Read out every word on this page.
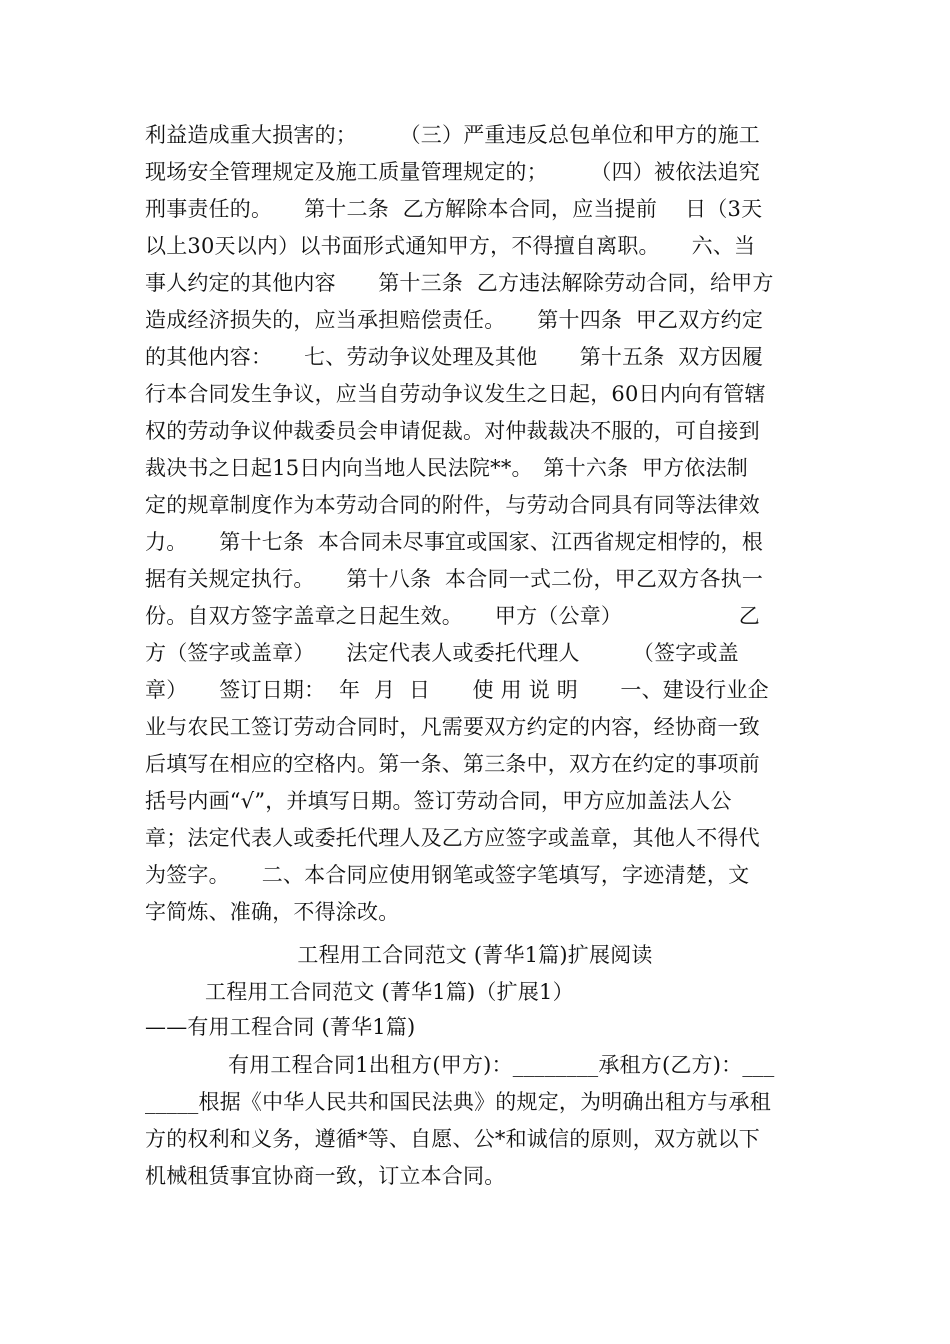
利益造成重大损害的；　　　（三）严重违反总包单位和甲方的施工
现场安全管理规定及施工质量管理规定的；　　　（四）被依法追究
刑事责任的。　　第十二条  乙方解除本合同，应当提前　 日（3天
以上30天以内）以书面形式通知甲方，不得擅自离职。　　六、当
事人约定的其他内容　　第十三条  乙方违法解除劳动合同，给甲方
造成经济损失的，应当承担赔偿责任。　　第十四条  甲乙双方约定
的其他内容：　　七、劳动争议处理及其他　　第十五条  双方因履
行本合同发生争议，应当自劳动争议发生之日起，60日内向有管辖
权的劳动争议仲裁委员会申请促裁。对仲裁裁决不服的，可自接到
裁决书之日起15日内向当地人民法院**。　第十六条  甲方依法制
定的规章制度作为本劳动合同的附件，与劳动合同具有同等法律效
力。　　第十七条  本合同未尽事宜或国家、江西省规定相悖的，根
据有关规定执行。　　第十八条  本合同一式二份，甲乙双方各执一
份。自双方签字盖章之日起生效。　　甲方（公章）　　　　　　乙
方（签字或盖章）　　法定代表人或委托代理人　　　（签字或盖
章）　　签订日期：  年  月  日　　使 用 说 明　　一、建设行业企
业与农民工签订劳动合同时，凡需要双方约定的内容，经协商一致
后填写在相应的空格内。第一条、第三条中，双方在约定的事项前
括号内画“√”，并填写日期。签订劳动合同，甲方应加盖法人公
章；法定代表人或委托代理人及乙方应签字或盖章，其他人不得代
为签字。　　二、本合同应使用钢笔或签字笔填写，字迹清楚，文
字简炼、准确，不得涂改。
工程用工合同范文 (菁华1篇)扩展阅读
工程用工合同范文 (菁华1篇)（扩展1）
——有用工程合同 (菁华1篇)
有用工程合同1出租方(甲方)：________承租方(乙方)：___
_____根据《中华人民共和国民法典》的规定，为明确出租方与承租
方的权利和义务，遵循*等、自愿、公*和诚信的原则，双方就以下
机械租赁事宜协商一致，订立本合同。
